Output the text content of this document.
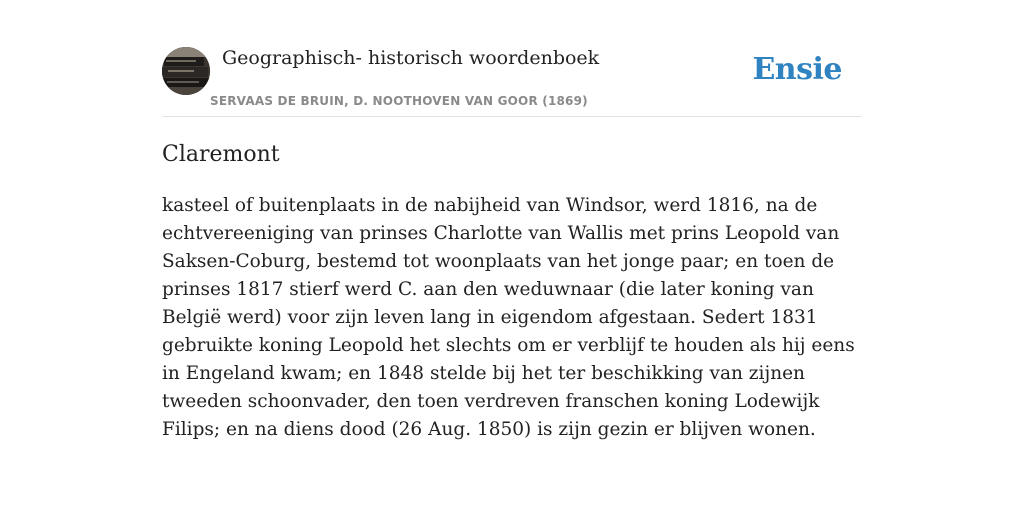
Geographisch- historisch woordenboek
SERVAAS DE BRUIN, D. NOOTHOVEN VAN GOOR (1869)
Ensie
Claremont

kasteel of buitenplaats in de nabijheid van Windsor, werd 1816, na de echtvereeniging van prinses Charlotte van Wallis met prins Leopold van Saksen-Coburg, bestemd tot woonplaats van het jonge paar; en toen de prinses 1817 stierf werd C. aan den weduwnaar (die later koning van België werd) voor zijn leven lang in eigendom afgestaan. Sedert 1831 gebruikte koning Leopold het slechts om er verblijf te houden als hij eens in Engeland kwam; en 1848 stelde bij het ter beschikking van zijnen tweeden schoonvader, den toen verdreven franschen koning Lodewijk Filips; en na diens dood (26 Aug. 1850) is zijn gezin er blijven wonen.
